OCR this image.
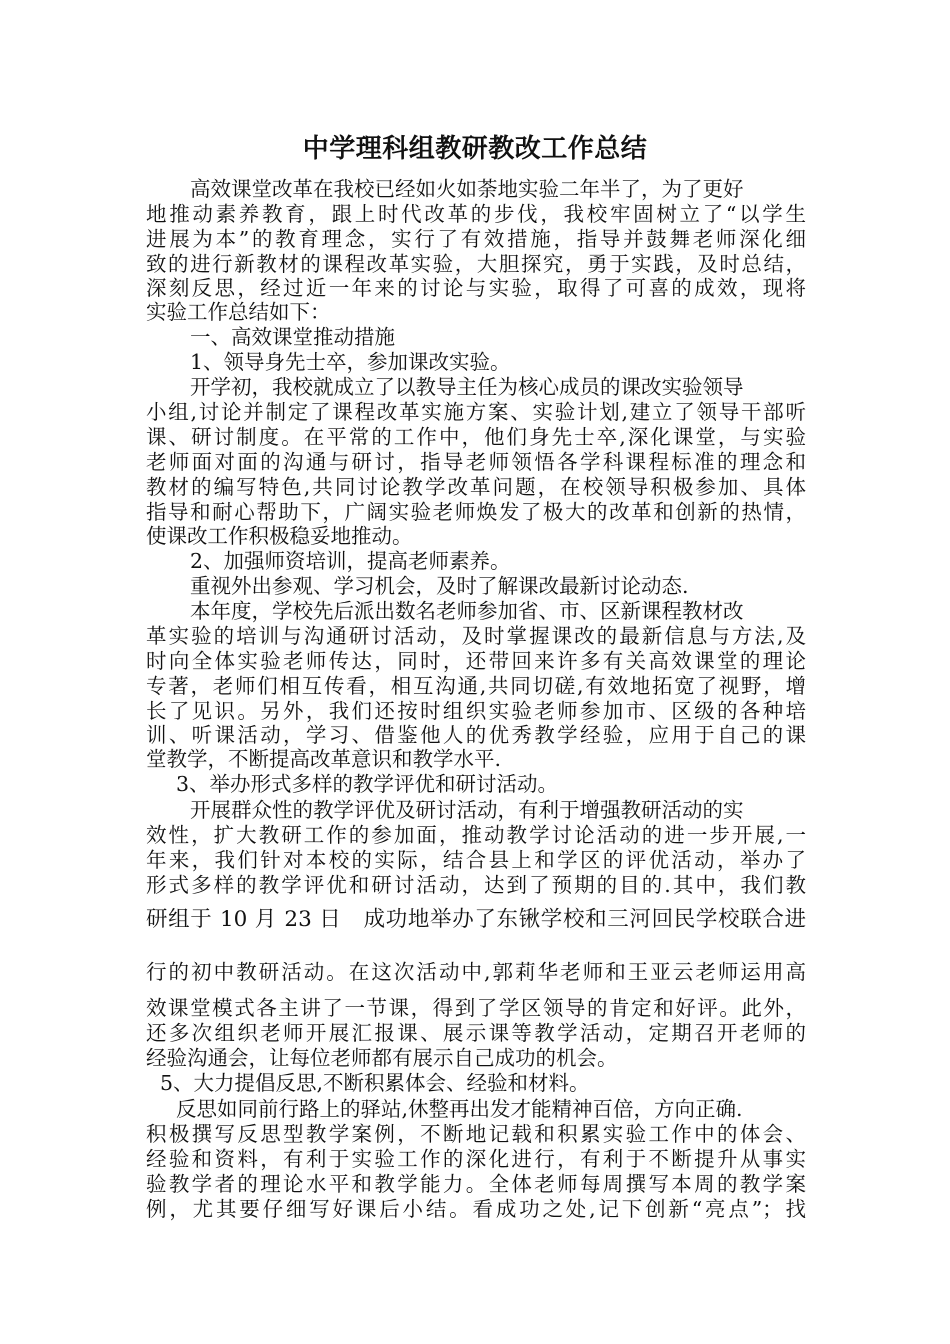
中学理科组教研教改工作总结
高效课堂改革在我校已经如火如荼地实验二年半了，为了更好
地推动素养教育，跟上时代改革的步伐，我校牢固树立了“以学生
进展为本”的教育理念，实行了有效措施，指导并鼓舞老师深化细
致的进行新教材的课程改革实验，大胆探究，勇于实践，及时总结，
深刻反思，经过近一年来的讨论与实验，取得了可喜的成效，现将
实验工作总结如下：
一、高效课堂推动措施
1、领导身先士卒，参加课改实验。
开学初，我校就成立了以教导主任为核心成员的课改实验领导
小组,讨论并制定了课程改革实施方案、实验计划,建立了领导干部听
课、研讨制度。在平常的工作中，他们身先士卒,深化课堂，与实验
老师面对面的沟通与研讨，指导老师领悟各学科课程标准的理念和
教材的编写特色,共同讨论教学改革问题，在校领导积极参加、具体
指导和耐心帮助下，广阔实验老师焕发了极大的改革和创新的热情，
使课改工作积极稳妥地推动。
2、加强师资培训，提高老师素养。
重视外出参观、学习机会，及时了解课改最新讨论动态.
本年度，学校先后派出数名老师参加省、市、区新课程教材改
革实验的培训与沟通研讨活动，及时掌握课改的最新信息与方法,及
时向全体实验老师传达，同时，还带回来许多有关高效课堂的理论
专著，老师们相互传看，相互沟通,共同切磋,有效地拓宽了视野，增
长了见识。另外，我们还按时组织实验老师参加市、区级的各种培
训、听课活动，学习、借鉴他人的优秀教学经验，应用于自己的课
堂教学，不断提高改革意识和教学水平.
3、举办形式多样的教学评优和研讨活动。
开展群众性的教学评优及研讨活动，有利于增强教研活动的实
效性，扩大教研工作的参加面，推动教学讨论活动的进一步开展,一
年来，我们针对本校的实际，结合县上和学区的评优活动，举办了
形式多样的教学评优和研讨活动，达到了预期的目的.其中，我们教
研组于 10 月 23 日　成功地举办了东锹学校和三河回民学校联合进
行的初中教研活动。在这次活动中,郭莉华老师和王亚云老师运用高
效课堂模式各主讲了一节课，得到了学区领导的肯定和好评。此外，
还多次组织老师开展汇报课、展示课等教学活动，定期召开老师的
经验沟通会，让每位老师都有展示自己成功的机会。
5、大力提倡反思,不断积累体会、经验和材料。
反思如同前行路上的驿站,休整再出发才能精神百倍，方向正确.
积极撰写反思型教学案例，不断地记载和积累实验工作中的体会、
经验和资料，有利于实验工作的深化进行，有利于不断提升从事实
验教学者的理论水平和教学能力。全体老师每周撰写本周的教学案
例，尤其要仔细写好课后小结。看成功之处,记下创新“亮点”；找
